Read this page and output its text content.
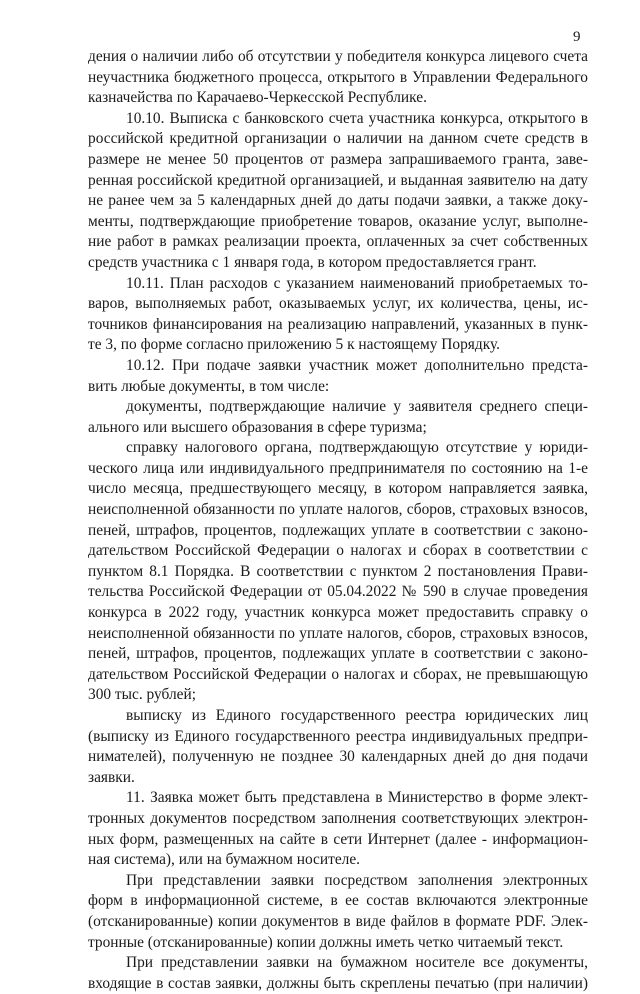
9
дения о наличии либо об отсутствии у победителя конкурса лицевого счета
неучастника бюджетного процесса, открытого в Управлении Федерального
казначейства по Карачаево-Черкесской Республике.
10.10. Выписка с банковского счета участника конкурса, открытого в
российской кредитной организации о наличии на данном счете средств в
размере не менее 50 процентов от размера запрашиваемого гранта, заве-
ренная российской кредитной организацией, и выданная заявителю на дату
не ранее чем за 5 календарных дней до даты подачи заявки, а также доку-
менты, подтверждающие приобретение товаров, оказание услуг, выполне-
ние работ в рамках реализации проекта, оплаченных за счет собственных
средств участника с 1 января года, в котором предоставляется грант.
10.11. План расходов с указанием наименований приобретаемых то-
варов, выполняемых работ, оказываемых услуг, их количества, цены, ис-
точников финансирования на реализацию направлений, указанных в пунк-
те 3, по форме согласно приложению 5 к настоящему Порядку.
10.12. При подаче заявки участник может дополнительно предста-
вить любые документы, в том числе:
документы, подтверждающие наличие у заявителя среднего специ-
ального или высшего образования в сфере туризма;
справку налогового органа, подтверждающую отсутствие у юриди-
ческого лица или индивидуального предпринимателя по состоянию на 1-е
число месяца, предшествующего месяцу, в котором направляется заявка,
неисполненной обязанности по уплате налогов, сборов, страховых взносов,
пеней, штрафов, процентов, подлежащих уплате в соответствии с законо-
дательством Российской Федерации о налогах и сборах в соответствии с
пунктом 8.1 Порядка. В соответствии с пунктом 2 постановления Прави-
тельства Российской Федерации от 05.04.2022 № 590 в случае проведения
конкурса в 2022 году, участник конкурса может предоставить справку о
неисполненной обязанности по уплате налогов, сборов, страховых взносов,
пеней, штрафов, процентов, подлежащих уплате в соответствии с законо-
дательством Российской Федерации о налогах и сборах, не превышающую
300 тыс. рублей;
выписку из Единого государственного реестра юридических лиц
(выписку из Единого государственного реестра индивидуальных предпри-
нимателей), полученную не позднее 30 календарных дней до дня подачи
заявки.
11. Заявка может быть представлена в Министерство в форме элект-
тронных документов посредством заполнения соответствующих электрон-
ных форм, размещенных на сайте в сети Интернет (далее - информацион-
ная система), или на бумажном носителе.
При представлении заявки посредством заполнения электронных
форм в информационной системе, в ее состав включаются электронные
(отсканированные) копии документов в виде файлов в формате PDF. Элек-
тронные (отсканированные) копии должны иметь четко читаемый текст.
При представлении заявки на бумажном носителе все документы,
входящие в состав заявки, должны быть скреплены печатью (при наличии)
